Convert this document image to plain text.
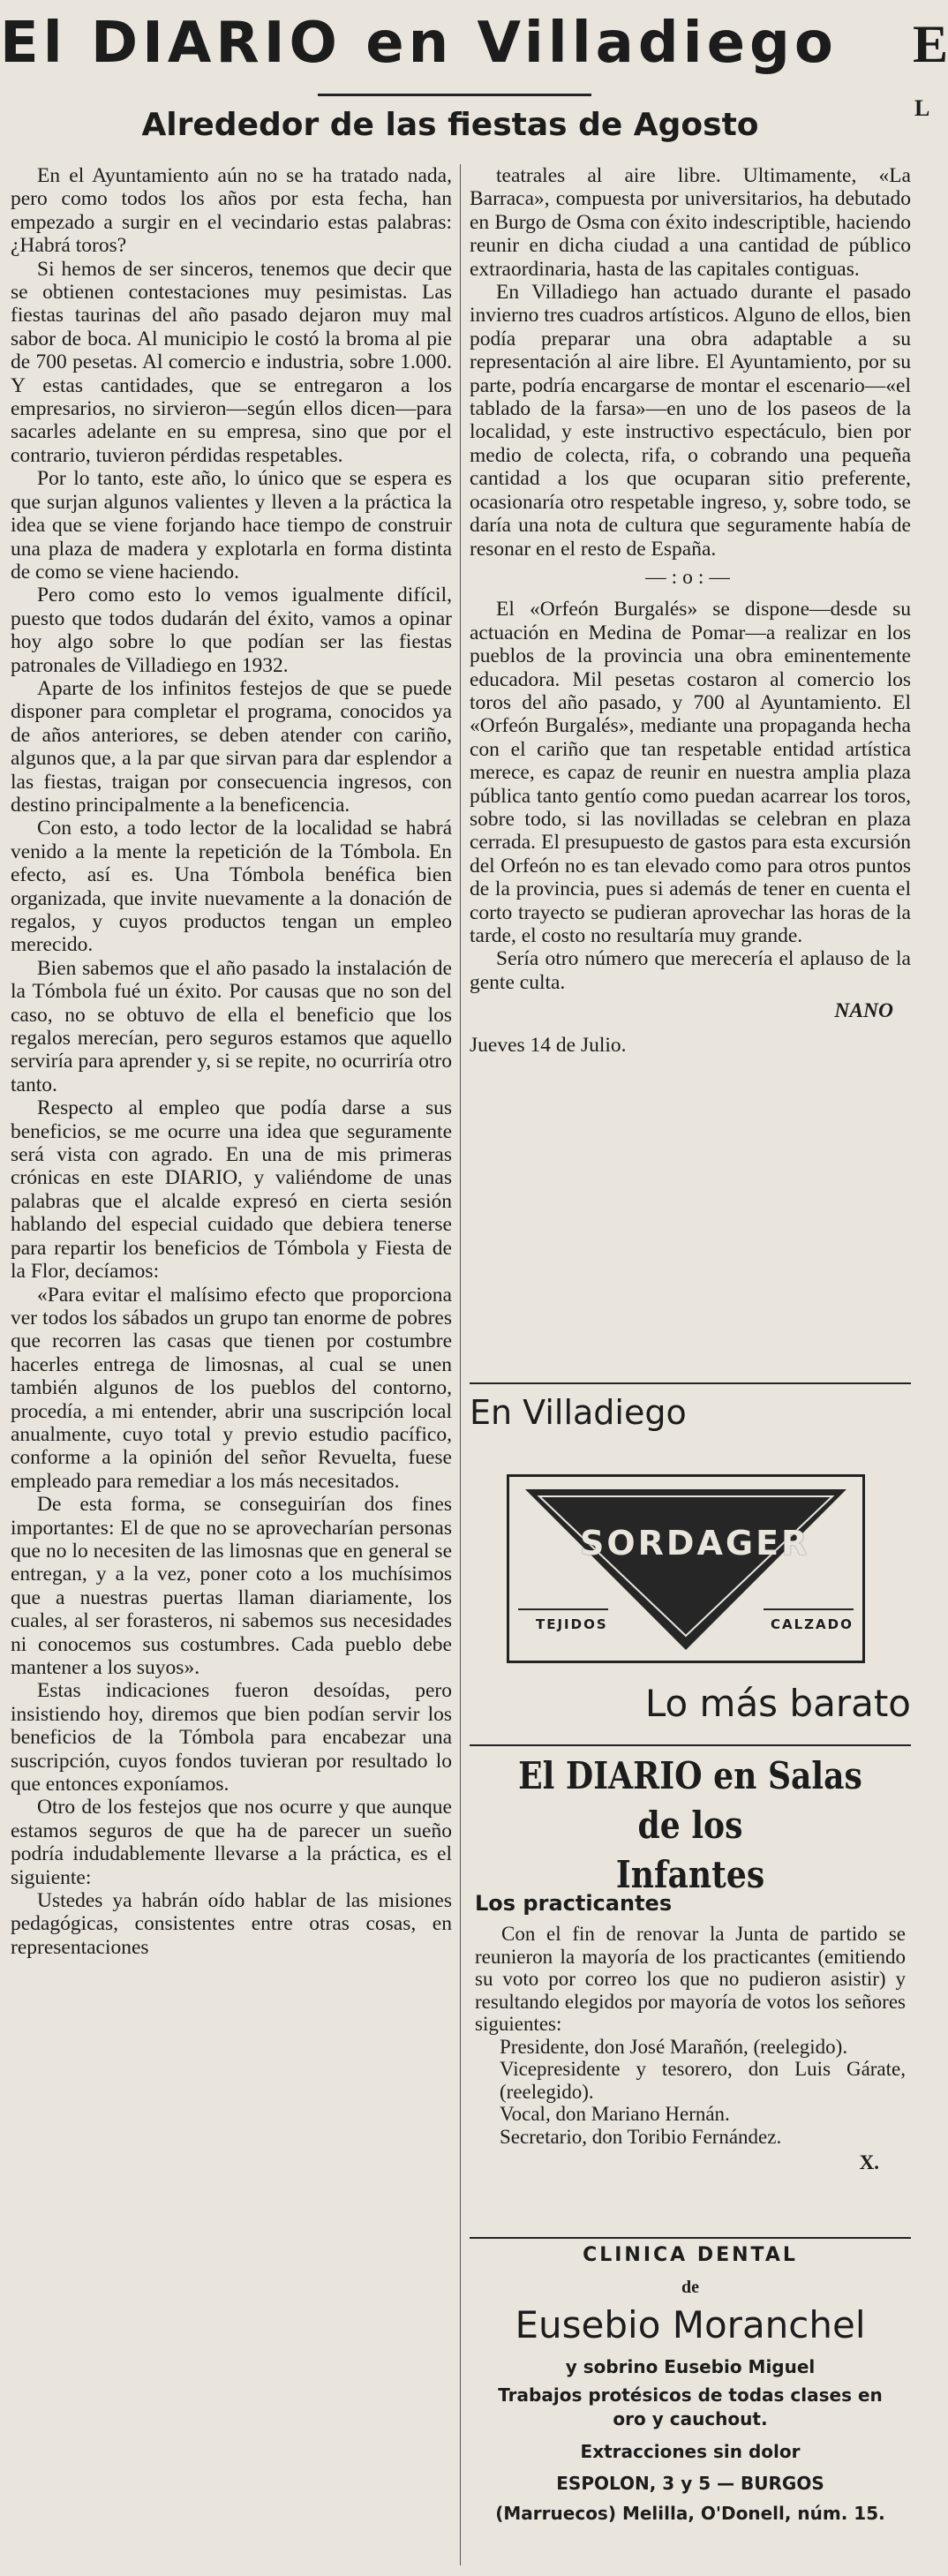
El DIARIO en Villadiego	E
L
Alrededor de las fiestas de Agosto

En el Ayuntamiento aún no se ha tratado nada, pero como todos los años por esta fecha, han empezado a surgir en el vecindario estas palabras: ¿Habrá toros?

Si hemos de ser sinceros, tenemos que decir que se obtienen contestaciones muy pesimistas. Las fiestas taurinas del año pasado dejaron muy mal sabor de boca. Al municipio le costó la broma al pie de 700 pesetas. Al comercio e industria, sobre 1.000. Y estas cantidades, que se entregaron a los empresarios, no sirvieron—según ellos dicen—para sacarles adelante en su empresa, sino que por el contrario, tuvieron pérdidas respetables.

Por lo tanto, este año, lo único que se espera es que surjan algunos valientes y lleven a la práctica la idea que se viene forjando hace tiempo de construir una plaza de madera y explotarla en forma distinta de como se viene haciendo.

Pero como esto lo vemos igualmente difícil, puesto que todos dudarán del éxito, vamos a opinar hoy algo sobre lo que podían ser las fiestas patronales de Villadiego en 1932.

Aparte de los infinitos festejos de que se puede disponer para completar el programa, conocidos ya de años anteriores, se deben atender con cariño, algunos que, a la par que sirvan para dar esplendor a las fiestas, traigan por consecuencia ingresos, con destino principalmente a la beneficencia.

Con esto, a todo lector de la localidad se habrá venido a la mente la repetición de la Tómbola. En efecto, así es. Una Tómbola benéfica bien organizada, que invite nuevamente a la donación de regalos, y cuyos productos tengan un empleo merecido.

Bien sabemos que el año pasado la instalación de la Tómbola fué un éxito. Por causas que no son del caso, no se obtuvo de ella el beneficio que los regalos merecían, pero seguros estamos que aquello serviría para aprender y, si se repite, no ocurriría otro tanto.

Respecto al empleo que podía darse a sus beneficios, se me ocurre una idea que seguramente será vista con agrado. En una de mis primeras crónicas en este DIARIO, y valiéndome de unas palabras que el alcalde expresó en cierta sesión hablando del especial cuidado que debiera tenerse para repartir los beneficios de Tómbola y Fiesta de la Flor, decíamos:

«Para evitar el malísimo efecto que proporciona ver todos los sábados un grupo tan enorme de pobres que recorren las casas que tienen por costumbre hacerles entrega de limosnas, al cual se unen también algunos de los pueblos del contorno, procedía, a mi entender, abrir una suscripción local anualmente, cuyo total y previo estudio pacífico, conforme a la opinión del señor Revuelta, fuese empleado para remediar a los más necesitados.

De esta forma, se conseguirían dos fines importantes: El de que no se aprovecharían personas que no lo necesiten de las limosnas que en general se entregan, y a la vez, poner coto a los muchísimos que a nuestras puertas llaman diariamente, los cuales, al ser forasteros, ni sabemos sus necesidades ni conocemos sus costumbres. Cada pueblo debe mantener a los suyos».

Estas indicaciones fueron desoídas, pero insistiendo hoy, diremos que bien podían servir los beneficios de la Tómbola para encabezar una suscripción, cuyos fondos tuvieran por resultado lo que entonces exponíamos.

Otro de los festejos que nos ocurre y que aunque estamos seguros de que ha de parecer un sueño podría indudablemente llevarse a la práctica, es el siguiente:

Ustedes ya habrán oído hablar de las misiones pedagógicas, consistentes entre otras cosas, en representaciones

teatrales al aire libre. Ultimamente, «La Barraca», compuesta por universitarios, ha debutado en Burgo de Osma con éxito indescriptible, haciendo reunir en dicha ciudad a una cantidad de público extraordinaria, hasta de las capitales contiguas.

En Villadiego han actuado durante el pasado invierno tres cuadros artísticos. Alguno de ellos, bien podía preparar una obra adaptable a su representación al aire libre. El Ayuntamiento, por su parte, podría encargarse de montar el escenario—«el tablado de la farsa»—en uno de los paseos de la localidad, y este instructivo espectáculo, bien por medio de colecta, rifa, o cobrando una pequeña cantidad a los que ocuparan sitio preferente, ocasionaría otro respetable ingreso, y, sobre todo, se daría una nota de cultura que seguramente había de resonar en el resto de España.

—:o:—

El «Orfeón Burgalés» se dispone—desde su actuación en Medina de Pomar—a realizar en los pueblos de la provincia una obra eminentemente educadora. Mil pesetas costaron al comercio los toros del año pasado, y 700 al Ayuntamiento. El «Orfeón Burgalés», mediante una propaganda hecha con el cariño que tan respetable entidad artística merece, es capaz de reunir en nuestra amplia plaza pública tanto gentío como puedan acarrear los toros, sobre todo, si las novilladas se celebran en plaza cerrada. El presupuesto de gastos para esta excursión del Orfeón no es tan elevado como para otros puntos de la provincia, pues si además de tener en cuenta el corto trayecto se pudieran aprovechar las horas de la tarde, el costo no resultaría muy grande.

Sería otro número que merecería el aplauso de la gente culta.

NANO
Jueves 14 de Julio.
En Villadiego
SORDAGER
TEJIDOS	CALZADO
Lo más barato
El DIARIO en Salas de los
Infantes
Los practicantes

Con el fin de renovar la Junta de partido se reunieron la mayoría de los practicantes (emitiendo su voto por correo los que no pudieron asistir) y resultando elegidos por mayoría de votos los señores siguientes:

Presidente, don José Marañón, (reelegido).

Vicepresidente y tesorero, don Luis Gárate, (reelegido).

Vocal, don Mariano Hernán.

Secretario, don Toribio Fernández.

X.
CLINICA DENTAL
de
Eusebio Moranchel
y sobrino Eusebio Miguel
Trabajos protésicos de todas clases en
oro y cauchout.
Extracciones sin dolor
ESPOLON, 3 y 5 — BURGOS
(Marruecos) Melilla, O'Donell, núm. 15.
